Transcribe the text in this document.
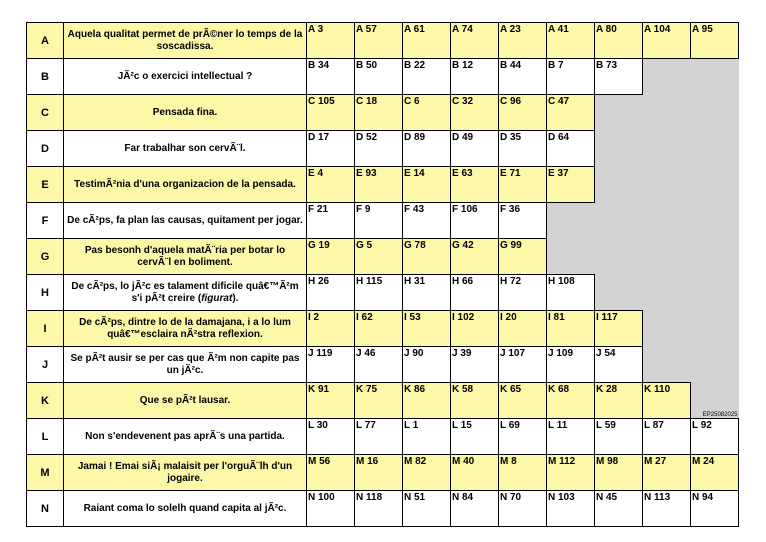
A	Aquela qualitat permet de prÃ©ner lo temps de la soscadissa.	A 3	A 57	A 61	A 74	A 23	A 41	A 80	A 104	A 95
B	JÃ²c o exercici intellectual ?	B 34	B 50	B 22	B 12	B 44	B 7	B 73		
C	Pensada fina.	C 105	C 18	C 6	C 32	C 96	C 47			
D	Far trabalhar son cervÃ¨l.	D 17	D 52	D 89	D 49	D 35	D 64			
E	TestimÃ²nia d'una organizacion de la pensada.	E 4	E 93	E 14	E 63	E 71	E 37			
F	De cÃ²ps, fa plan las causas, quitament per jogar.	F 21	F 9	F 43	F 106	F 36				
G	Pas besonh d'aquela matÃ¨ria per botar lo cervÃ¨l en boliment.	G 19	G 5	G 78	G 42	G 99				
H	De cÃ²ps, lo jÃ²c es talament dificile quâ€™Ã²m s'i pÃ²t creire (figurat).	H 26	H 115	H 31	H 66	H 72	H 108			
I	De cÃ²ps, dintre lo de la damajana, i a lo lum quâ€™esclaira nÃ²stra reflexion.	I 2	I 62	I 53	I 102	I 20	I 81	I 117		
J	Se pÃ²t ausir se per cas que Ã²m non capite pas un jÃ²c.	J 119	J 46	J 90	J 39	J 107	J 109	J 54		
K	Que se pÃ²t lausar.	K 91	K 75	K 86	K 58	K 65	K 68	K 28	K 110	EP25082025

L	Non s'endevenent pas aprÃ¨s una partida.	L 30	L 77	L 1	L 15	L 69	L 11	L 59	L 87	L 92
M	Jamai ! Emai siÃ¡ malaisit per l'orguÃ¨lh d'un jogaire.	M 56	M 16	M 82	M 40	M 8	M 112	M 98	M 27	M 24
N	Raiant coma lo solelh quand capita al jÃ²c.	N 100	N 118	N 51	N 84	N 70	N 103	N 45	N 113	N 94
